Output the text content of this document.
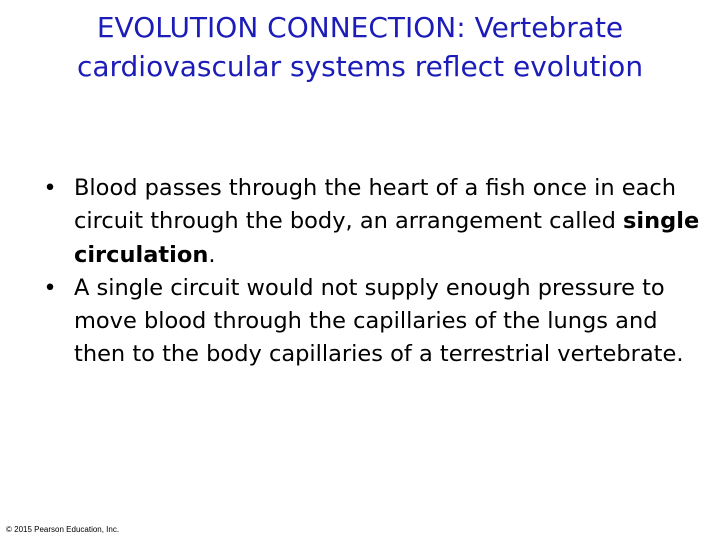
EVOLUTION CONNECTION: Vertebrate cardiovascular systems reflect evolution
• Blood passes through the heart of a fish once in each circuit through the body, an arrangement called single circulation.
• A single circuit would not supply enough pressure to move blood through the capillaries of the lungs and then to the body capillaries of a terrestrial vertebrate.
© 2015 Pearson Education, Inc.
